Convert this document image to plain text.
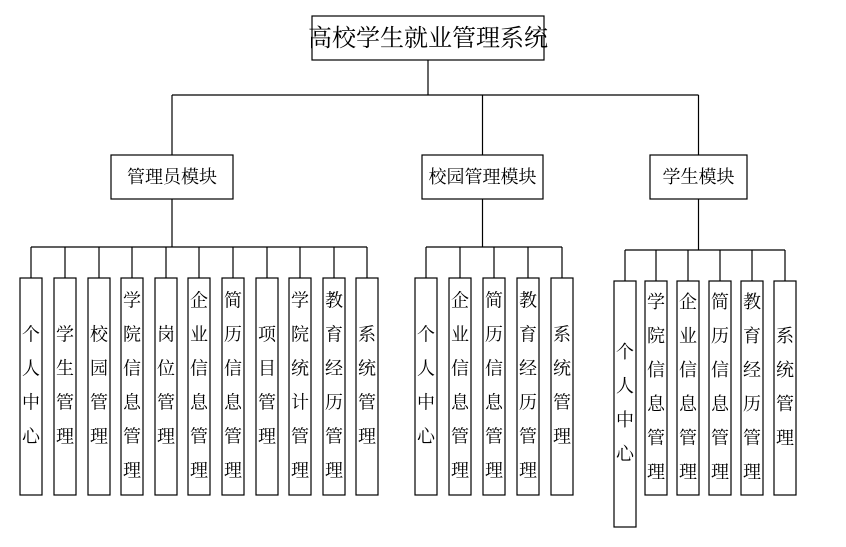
高校学生就业管理系统
管理员模块
个人中心
学生管理
校园管理
学院信息管理
岗位管理
企业信息管理
简历信息管理
项目管理
学院统计管理
教育经历管理
系统管理
校园管理模块
个人中心
企业信息管理
简历信息管理
教育经历管理
系统管理
学生模块
个人中心
学院信息管理
企业信息管理
简历信息管理
教育经历管理
系统管理
